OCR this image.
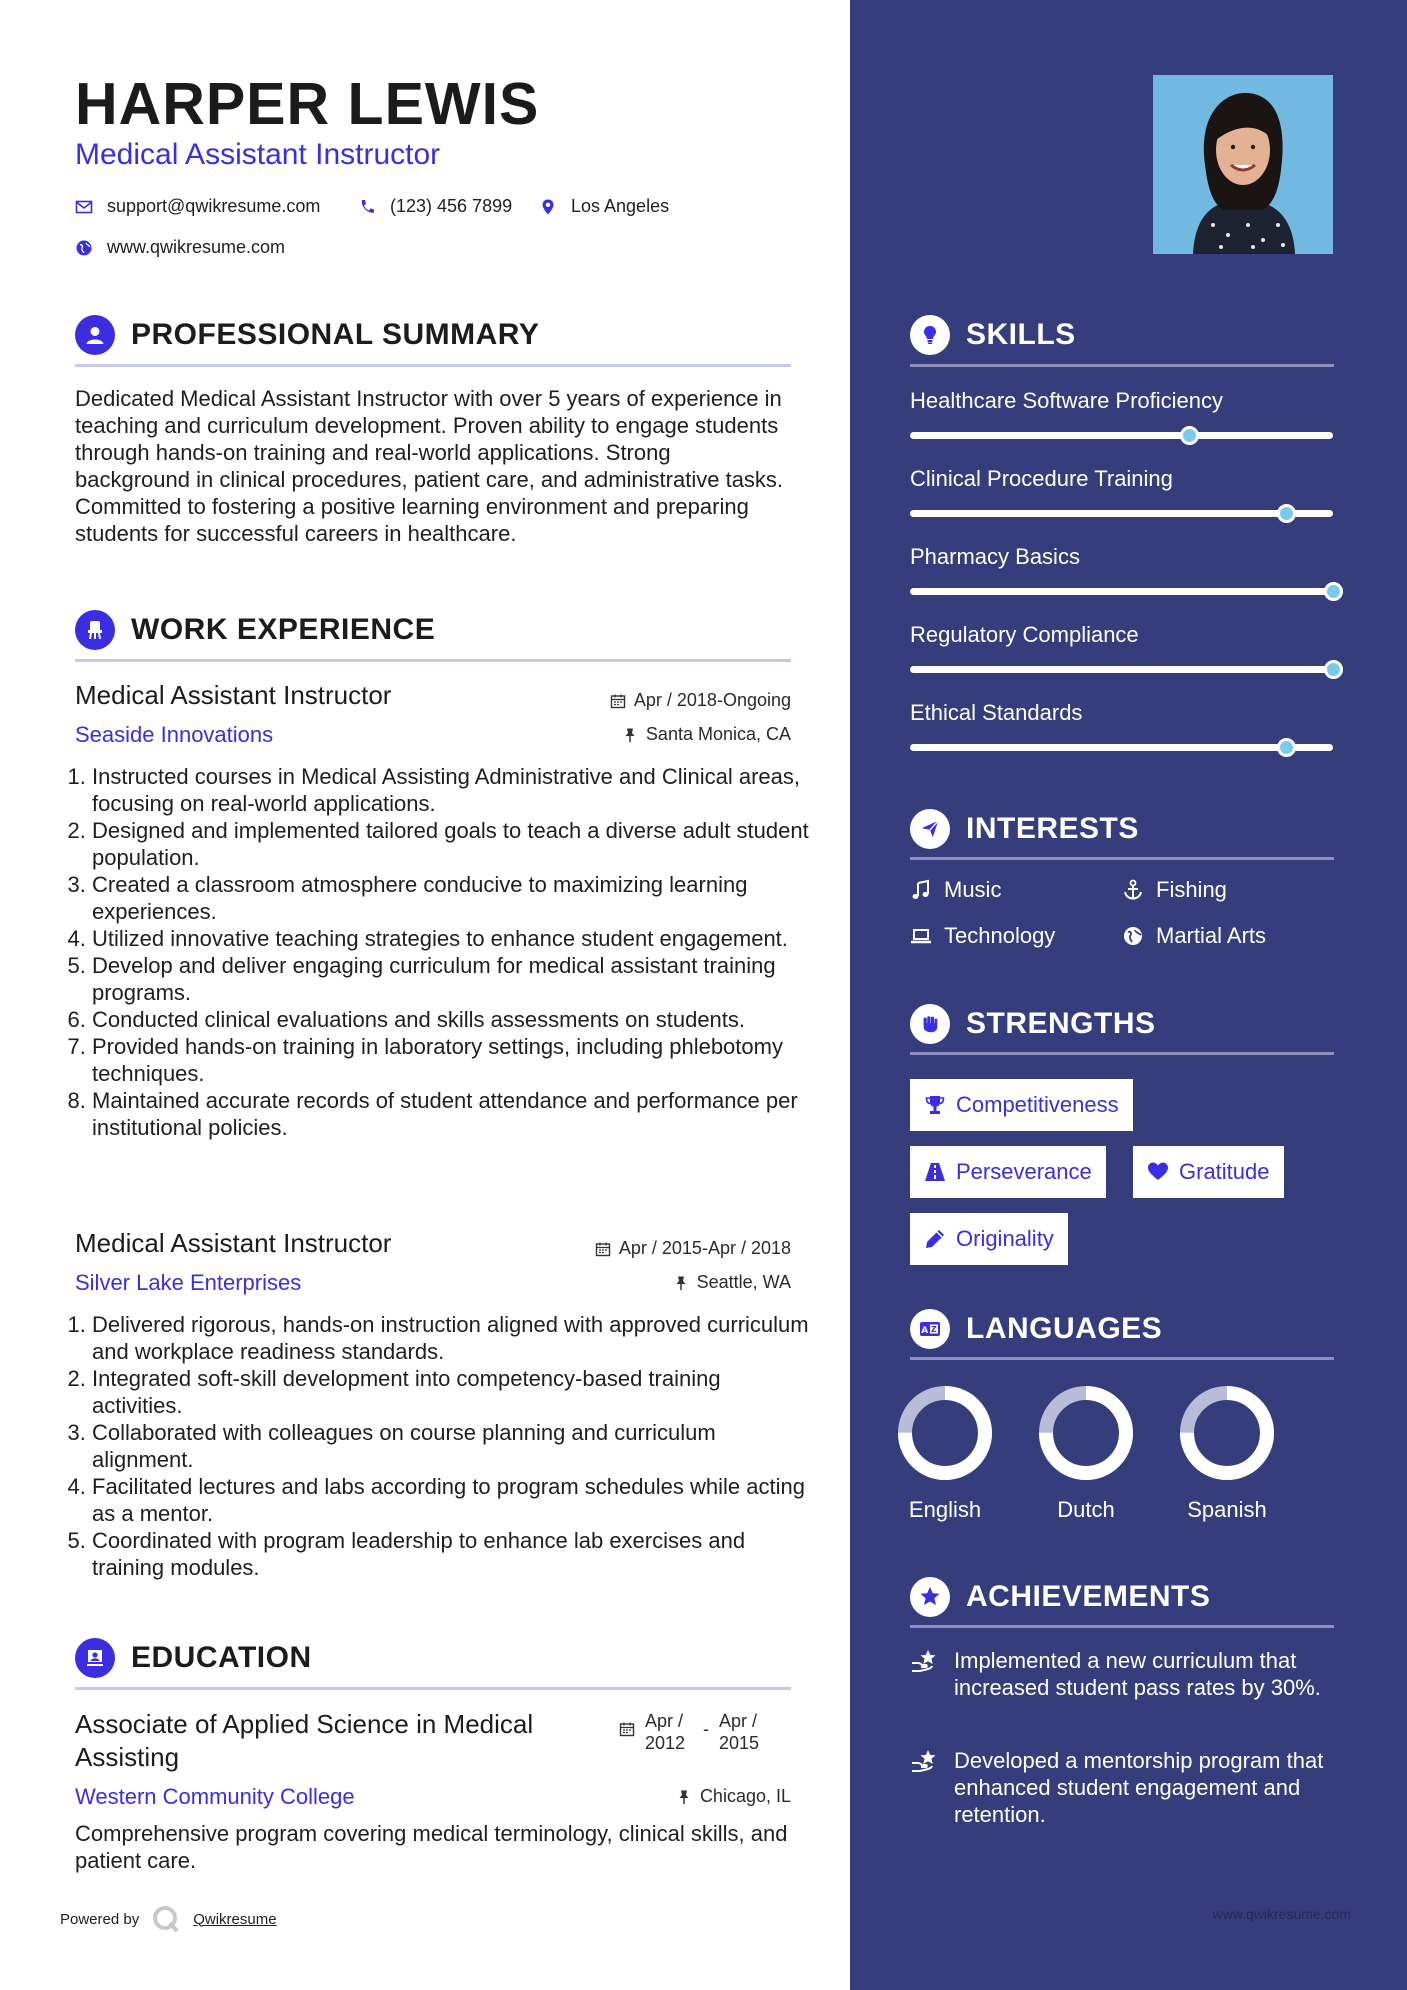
HARPER LEWIS
Medical Assistant Instructor
support@qwikresume.com	(123) 456 7899	Los Angeles
www.qwikresume.com
PROFESSIONAL SUMMARY
Dedicated Medical Assistant Instructor with over 5 years of experience in teaching and curriculum development. Proven ability to engage students through hands-on training and real-world applications. Strong background in clinical procedures, patient care, and administrative tasks. Committed to fostering a positive learning environment and preparing students for successful careers in healthcare.
WORK EXPERIENCE
Medical Assistant Instructor	Apr / 2018-Ongoing
Seaside Innovations	Santa Monica, CA
1. Instructed courses in Medical Assisting Administrative and Clinical areas, focusing on real-world applications.
2. Designed and implemented tailored goals to teach a diverse adult student population.
3. Created a classroom atmosphere conducive to maximizing learning experiences.
4. Utilized innovative teaching strategies to enhance student engagement.
5. Develop and deliver engaging curriculum for medical assistant training programs.
6. Conducted clinical evaluations and skills assessments on students.
7. Provided hands-on training in laboratory settings, including phlebotomy techniques.
8. Maintained accurate records of student attendance and performance per institutional policies.
Medical Assistant Instructor	Apr / 2015-Apr / 2018
Silver Lake Enterprises	Seattle, WA
1. Delivered rigorous, hands-on instruction aligned with approved curriculum and workplace readiness standards.
2. Integrated soft-skill development into competency-based training activities.
3. Collaborated with colleagues on course planning and curriculum alignment.
4. Facilitated lectures and labs according to program schedules while acting as a mentor.
5. Coordinated with program leadership to enhance lab exercises and training modules.
EDUCATION
Associate of Applied Science in Medical Assisting
Apr / 2012
- Apr / 2015
Western Community College	Chicago, IL
Comprehensive program covering medical terminology, clinical skills, and patient care.
Powered by	Qwikresume
SKILLS
Healthcare Software Proficiency
Clinical Procedure Training
Pharmacy Basics
Regulatory Compliance
Ethical Standards
INTERESTS
Music	Fishing
Technology	Martial Arts
STRENGTHS
Competitiveness
Perseverance	Gratitude
Originality
A Z LANGUAGES
English	Dutch	Spanish
ACHIEVEMENTS
Implemented a new curriculum that increased student pass rates by 30%.
Developed a mentorship program that enhanced student engagement and retention.
www.qwikresume.com
